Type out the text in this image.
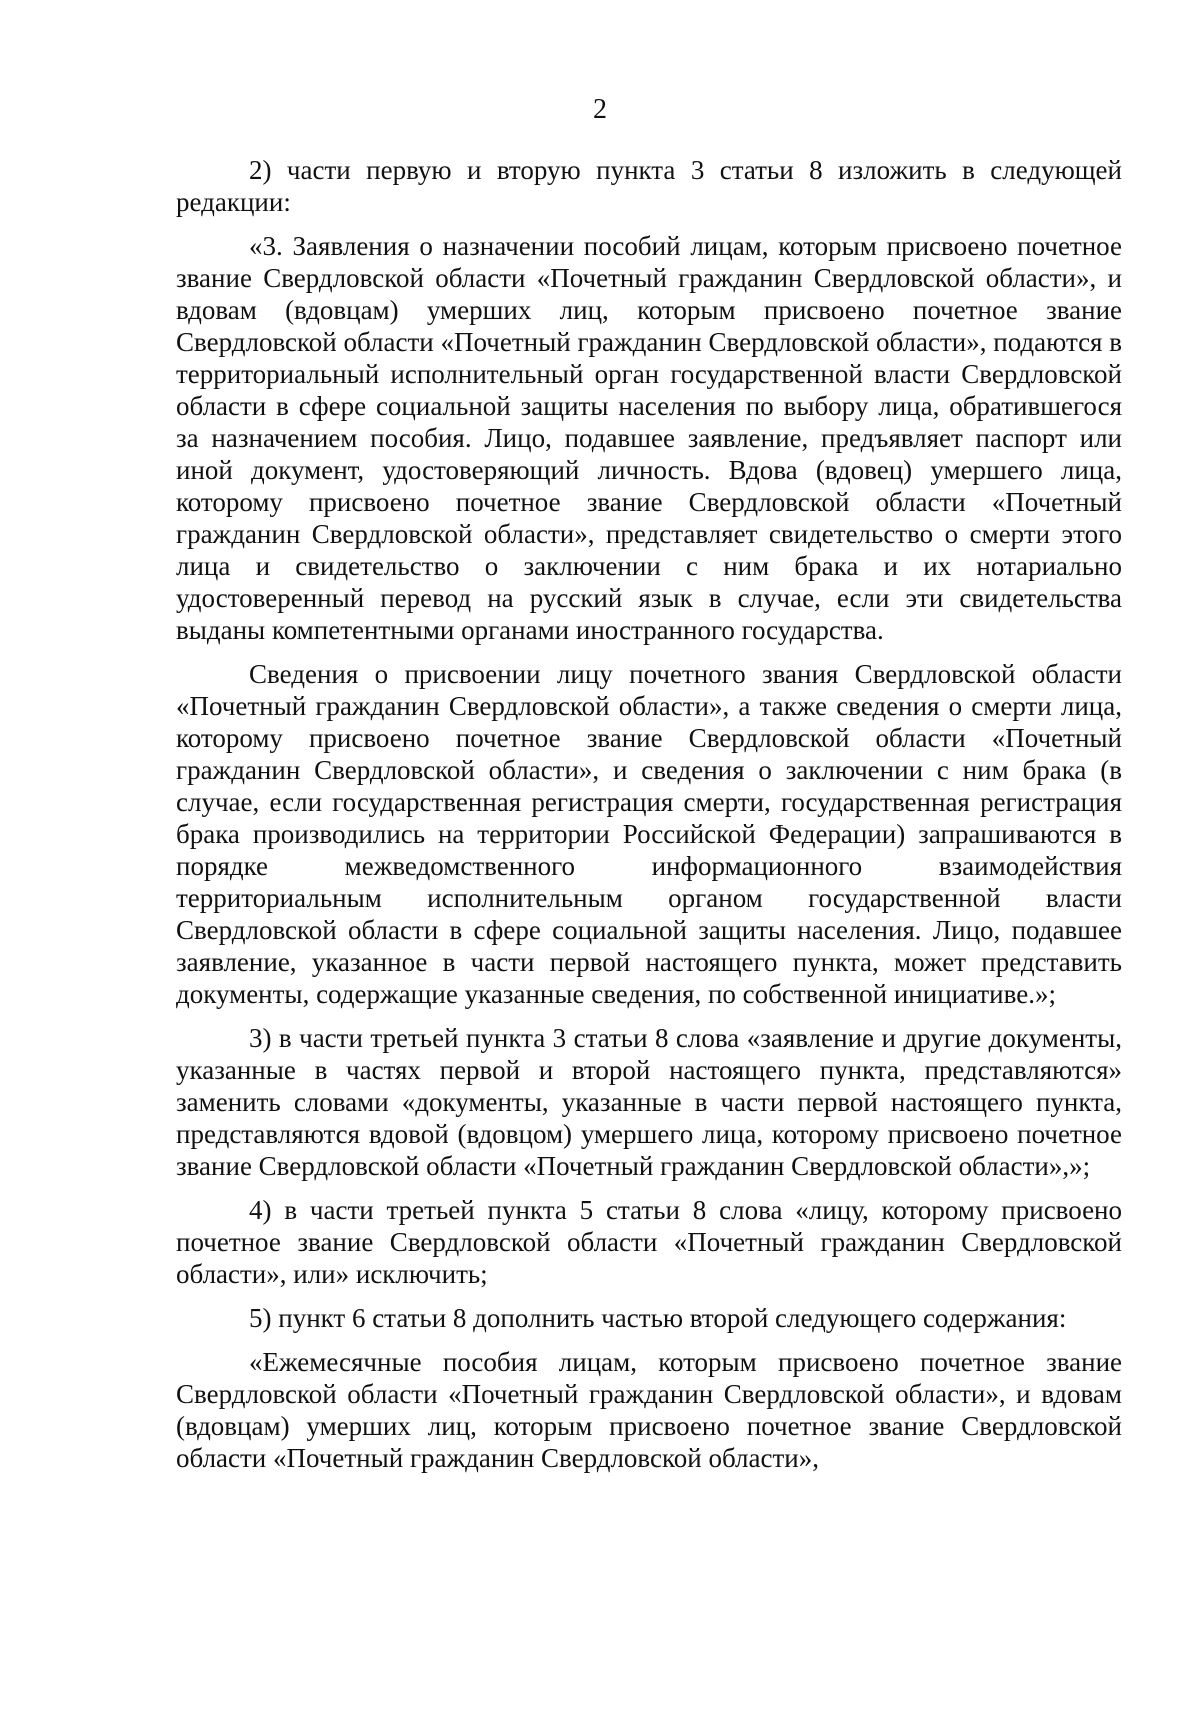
2

2) части первую и вторую пункта 3 статьи 8 изложить в следующей редакции:

«3. Заявления о назначении пособий лицам, которым присвоено почетное звание Свердловской области «Почетный гражданин Свердловской области», и вдовам (вдовцам) умерших лиц, которым присвоено почетное звание Свердловской области «Почетный гражданин Свердловской области», подаются в территориальный исполнительный орган государственной власти Свердловской области в сфере социальной защиты населения по выбору лица, обратившегося за назначением пособия. Лицо, подавшее заявление, предъявляет паспорт или иной документ, удостоверяющий личность. Вдова (вдовец) умершего лица, которому присвоено почетное звание Свердловской области «Почетный гражданин Свердловской области», представляет свидетельство о смерти этого лица и свидетельство о заключении с ним брака и их нотариально удостоверенный перевод на русский язык в случае, если эти свидетельства выданы компетентными органами иностранного государства.

Сведения о присвоении лицу почетного звания Свердловской области «Почетный гражданин Свердловской области», а также сведения о смерти лица, которому присвоено почетное звание Свердловской области «Почетный гражданин Свердловской области», и сведения о заключении с ним брака (в случае, если государственная регистрация смерти, государственная регистрация брака производились на территории Российской Федерации) запрашиваются в порядке межведомственного информационного взаимодействия территориальным исполнительным органом государственной власти Свердловской области в сфере социальной защиты населения. Лицо, подавшее заявление, указанное в части первой настоящего пункта, может представить документы, содержащие указанные сведения, по собственной инициативе.»;

3) в части третьей пункта 3 статьи 8 слова «заявление и другие документы, указанные в частях первой и второй настоящего пункта, представляются» заменить словами «документы, указанные в части первой настоящего пункта, представляются вдовой (вдовцом) умершего лица, которому присвоено почетное звание Свердловской области «Почетный гражданин Свердловской области»,»;

4) в части третьей пункта 5 статьи 8 слова «лицу, которому присвоено почетное звание Свердловской области «Почетный гражданин Свердловской области», или» исключить;

5) пункт 6 статьи 8 дополнить частью второй следующего содержания:

«Ежемесячные пособия лицам, которым присвоено почетное звание Свердловской области «Почетный гражданин Свердловской области», и вдовам (вдовцам) умерших лиц, которым присвоено почетное звание Свердловской области «Почетный гражданин Свердловской области»,
